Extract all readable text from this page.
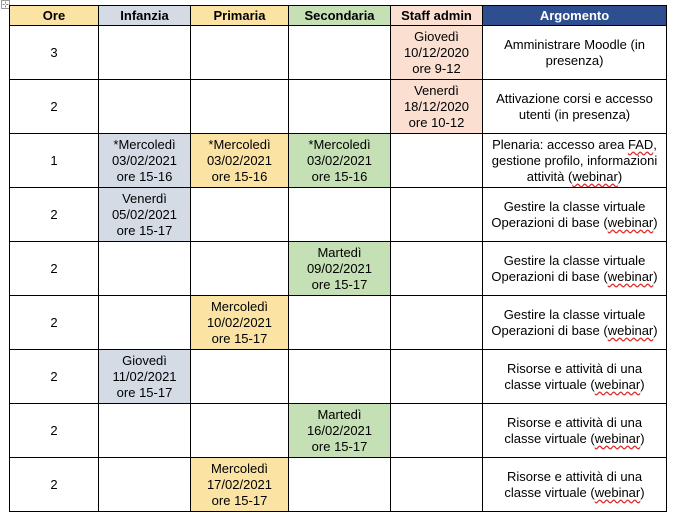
⊹
Ore	Infanzia	Primaria	Secondaria	Staff admin	Argomento
3				Giovedì
10/12/2020
ore 9-12	Amministrare Moodle (in
presenza)

2				Venerdì
18/12/2020
ore 10-12	Attivazione corsi e accesso
utenti (in presenza)

1	*Mercoledì
03/02/2021
ore 15-16	*Mercoledì
03/02/2021
ore 15-16	*Mercoledì
03/02/2021
ore 15-16		Plenaria: accesso area FAD,
gestione profilo, informazioni
attività (webinar)

2	Venerdì
05/02/2021
ore 15-17				Gestire la classe virtuale
Operazioni di base (webinar)

2			Martedì
09/02/2021
ore 15-17		Gestire la classe virtuale
Operazioni di base (webinar)

2		Mercoledì
10/02/2021
ore 15-17			Gestire la classe virtuale
Operazioni di base (webinar)

2	Giovedì
11/02/2021
ore 15-17				Risorse e attività di una
classe virtuale (webinar)

2			Martedì
16/02/2021
ore 15-17		Risorse e attività di una
classe virtuale (webinar)

2		Mercoledì
17/02/2021
ore 15-17			Risorse e attività di una
classe virtuale (webinar)
